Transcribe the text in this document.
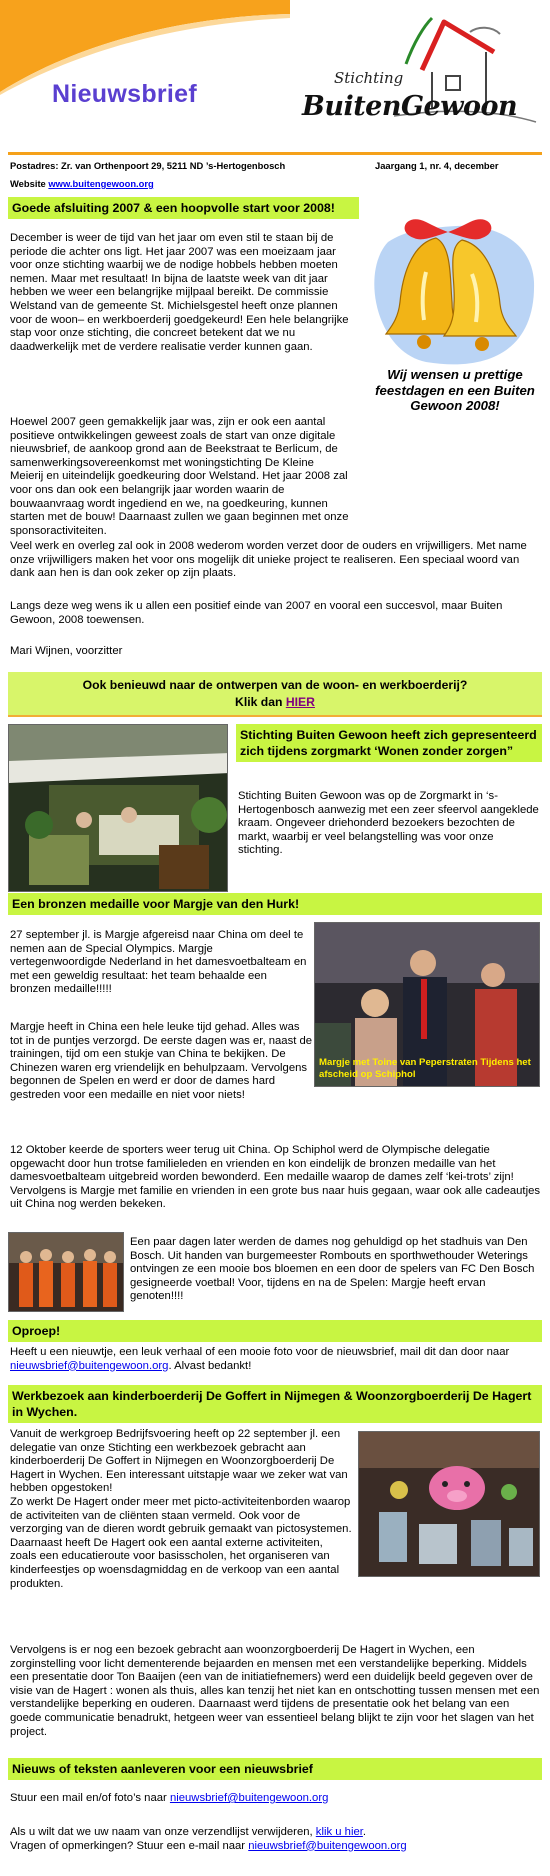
Nieuwsbrief
Stichting
BuitenGewoon
Postadres: Zr. van Orthenpoort 29, 5211 ND ’s-Hertogenbosch	Jaargang 1, nr. 4, december
Website www.buitengewoon.org
Goede afsluiting 2007 & een hoopvolle start voor 2008!
Wij wensen u prettige feestdagen en een Buiten Gewoon 2008!

December is weer de tijd van het jaar om even stil te staan bij de periode die achter ons ligt. Het jaar 2007 was een moeizaam jaar voor onze stichting waarbij we de nodige hobbels hebben moeten nemen. Maar met resultaat! In bijna de laatste week van dit jaar hebben we weer een belangrijke mijlpaal bereikt. De commissie Welstand van de gemeente St. Michielsgestel heeft onze plannen voor de woon– en werkboerderij goedgekeurd! Een hele belangrijke stap voor onze stichting, die concreet betekent dat we nu daadwerkelijk met de verdere realisatie verder kunnen gaan.

Hoewel 2007 geen gemakkelijk jaar was, zijn er ook een aantal positieve ontwikkelingen geweest zoals de start van onze digitale nieuwsbrief, de aankoop grond aan de Beekstraat te Berlicum, de samenwerkingsovereenkomst met woningstichting De Kleine Meierij en uiteindelijk goedkeuring door Welstand. Het jaar 2008 zal voor ons dan ook een belangrijk jaar worden waarin de bouwaanvraag wordt ingediend en we, na goedkeuring, kunnen starten met de bouw! Daarnaast zullen we gaan beginnen met onze sponsoractiviteiten.

Veel werk en overleg zal ook in 2008 wederom worden verzet door de ouders en vrijwilligers. Met name onze vrijwilligers maken het voor ons mogelijk dit unieke project te realiseren. Een speciaal woord van dank aan hen is dan ook zeker op zijn plaats.

Langs deze weg wens ik u allen een positief einde van 2007 en vooral een succesvol, maar Buiten Gewoon, 2008 toewensen.

Mari Wijnen, voorzitter

Ook benieuwd naar de ontwerpen van de woon- en werkboerderij?
Klik dan HIER
Stichting Buiten Gewoon heeft zich gepresenteerd zich tijdens zorgmarkt ‘Wonen zonder zorgen”

Stichting Buiten Gewoon was op de Zorgmarkt in ‘s-Hertogenbosch aanwezig met een zeer sfeervol aangeklede kraam. Ongeveer driehonderd bezoekers bezochten de markt, waarbij er veel belangstelling was voor onze stichting.

Een bronzen medaille voor Margje van den Hurk!
Margje met Toine van Peperstraten Tijdens het afscheid op Schiphol

27 september jl. is Margje afgereisd naar China om deel te nemen aan de Special Olympics. Margje vertegenwoordigde Nederland in het damesvoetbalteam en met een geweldig resultaat: het team behaalde een bronzen medaille!!!!!

Margje heeft in China een hele leuke tijd gehad. Alles was tot in de puntjes verzorgd. De eerste dagen was er, naast de trainingen, tijd om een stukje van China te bekijken. De Chinezen waren erg vriendelijk en behulpzaam. Vervolgens begonnen de Spelen en werd er door de dames hard gestreden voor een medaille en niet voor niets!

12 Oktober keerde de sporters weer terug uit China. Op Schiphol werd de Olympische delegatie opgewacht door hun trotse familieleden en vrienden en kon eindelijk de bronzen medaille van het damesvoetbalteam uitgebreid worden bewonderd. Een medaille waarop de dames zelf ‘kei-trots’ zijn! Vervolgens is Margje met familie en vrienden in een grote bus naar huis gegaan, waar ook alle cadeautjes uit China nog werden bekeken.

Een paar dagen later werden de dames nog gehuldigd op het stadhuis van Den Bosch. Uit handen van burgemeester Rombouts en sporthwethouder Weterings ontvingen ze een mooie bos bloemen en een door de spelers van FC Den Bosch gesigneerde voetbal! Voor, tijdens en na de Spelen: Margje heeft ervan genoten!!!!

Oproep!

Heeft u een nieuwtje, een leuk verhaal of een mooie foto voor de nieuwsbrief, mail dit dan door naar nieuwsbrief@buitengewoon.org. Alvast bedankt!

Werkbezoek aan kinderboerderij De Goffert in Nijmegen & Woonzorgboerderij De Hagert in Wychen.

Vanuit de werkgroep Bedrijfsvoering heeft op 22 september jl. een delegatie van onze Stichting een werkbezoek gebracht aan kinderboerderij De Goffert in Nijmegen en Woonzorgboerderij De Hagert in Wychen. Een interessant uitstapje waar we zeker wat van hebben opgestoken!

Zo werkt De Hagert onder meer met picto-activiteitenborden waarop de activiteiten van de cliënten staan vermeld. Ook voor de verzorging van de dieren wordt gebruik gemaakt van pictosystemen. Daarnaast heeft De Hagert ook een aantal externe activiteiten, zoals een educatieroute voor basisscholen, het organiseren van kinderfeestjes op woensdagmiddag en de verkoop van een aantal produkten.

Vervolgens is er nog een bezoek gebracht aan woonzorgboerderij De Hagert in Wychen, een zorginstelling voor licht dementerende bejaarden en mensen met een verstandelijke beperking. Middels een presentatie door Ton Baaijen (een van de initiatiefnemers) werd een duidelijk beeld gegeven over de visie van de Hagert : wonen als thuis, alles kan tenzij het niet kan en ontschotting tussen mensen met een verstandelijke beperking en ouderen. Daarnaast werd tijdens de presentatie ook het belang van een goede communicatie benadrukt, hetgeen weer van essentieel belang blijkt te zijn voor het slagen van het project.

Nieuws of teksten aanleveren voor een nieuwsbrief

Stuur een mail en/of foto’s naar nieuwsbrief@buitengewoon.org

Als u wilt dat we uw naam van onze verzendlijst verwijderen, klik u hier.

Vragen of opmerkingen? Stuur een e-mail naar nieuwsbrief@buitengewoon.org
